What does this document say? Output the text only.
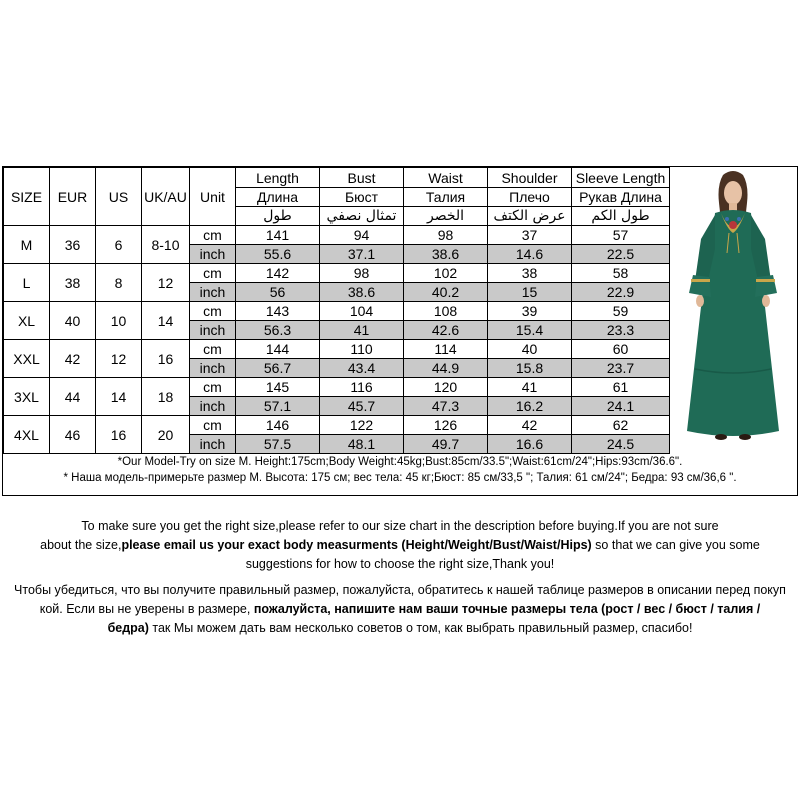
SIZE	EUR	US	UK/AU	Unit	Length	Bust	Waist	Shoulder	Sleeve Length
					Длина	Бюст	Талия	Плечо	Рукав Длина
					طول	تمثال نصفي	الخصر	عرض الكتف	طول الكم
M	36	6	8-10	cm	141	94	98	37	57
				inch	55.6	37.1	38.6	14.6	22.5
L	38	8	12	cm	142	98	102	38	58
				inch	56	38.6	40.2	15	22.9
XL	40	10	14	cm	143	104	108	39	59
				inch	56.3	41	42.6	15.4	23.3
XXL	42	12	16	cm	144	110	114	40	60
				inch	56.7	43.4	44.9	15.8	23.7
3XL	44	14	18	cm	145	116	120	41	61
				inch	57.1	45.7	47.3	16.2	24.1
4XL	46	16	20	cm	146	122	126	42	62
				inch	57.5	48.1	49.7	16.6	24.5
*Our Model-Try on size M. Height:175cm;Body Weight:45kg;Bust:85cm/33.5";Waist:61cm/24";Hips:93cm/36.6".
* Наша модель-примерьте размер M. Высота: 175 см; вес тела: 45 кг;Бюст: 85 см/33,5 "; Талия: 61 см/24"; Бедра: 93 см/36,6 ".
To make sure you get the right size,please refer to our size chart in the description before buying.If you are not sure
about the size,please email us your exact body measurments (Height/Weight/Bust/Waist/Hips) so that we can give you some
suggestions for how to choose the right size,Thank you!
Чтобы убедиться, что вы получите правильный размер, пожалуйста, обратитесь к нашей таблице размеров в описании перед покуп
кой. Если вы не уверены в размере, пожалуйста, напишите нам ваши точные размеры тела (рост / вес / бюст / талия /
бедра) так Мы можем дать вам несколько советов о том, как выбрать правильный размер, спасибо!
